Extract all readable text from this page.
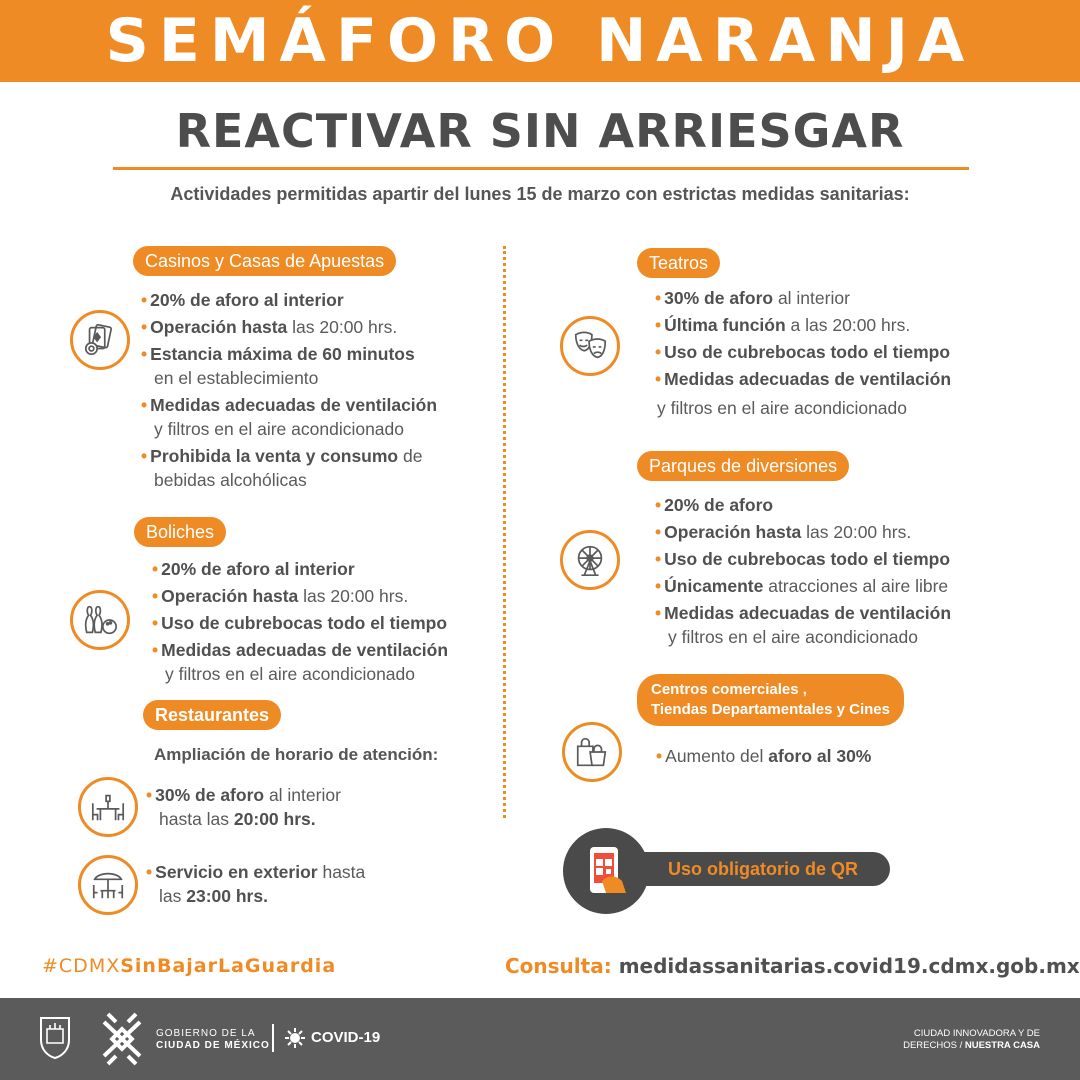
SEMÁFORO NARANJA
REACTIVAR SIN ARRIESGAR
Actividades permitidas apartir del lunes 15 de marzo con estrictas medidas sanitarias:
Casinos y Casas de Apuestas
• 20% de aforo al interior
• Operación hasta las 20:00 hrs.
• Estancia máxima de 60 minutos
en el establecimiento
• Medidas adecuadas de ventilación
y filtros en el aire acondicionado
• Prohibida la venta y consumo de
bebidas alcohólicas
Boliches
• 20% de aforo al interior
• Operación hasta las 20:00 hrs.
• Uso de cubrebocas todo el tiempo
• Medidas adecuadas de ventilación
y filtros en el aire acondicionado
Restaurantes
Ampliación de horario de atención:
• 30% de aforo al interior
hasta las 20:00 hrs.
• Servicio en exterior hasta
las 23:00 hrs.
Teatros
• 30% de aforo al interior
• Última función a las 20:00 hrs.
• Uso de cubrebocas todo el tiempo
• Medidas adecuadas de ventilación
y filtros en el aire acondicionado
Parques de diversiones
• 20% de aforo
• Operación hasta las 20:00 hrs.
• Uso de cubrebocas todo el tiempo
• Únicamente atracciones al aire libre
• Medidas adecuadas de ventilación
y filtros en el aire acondicionado
Centros comerciales ,
Tiendas Departamentales y Cines
• Aumento del aforo al 30%
Uso obligatorio de QR
#CDMXSinBajarLaGuardia	Consulta: medidassanitarias.covid19.cdmx.gob.mx
GOBIERNO DE LA
CIUDAD DE MÉXICO	COVID-19	CIUDAD INNOVADORA Y DE
DERECHOS / NUESTRA CASA
